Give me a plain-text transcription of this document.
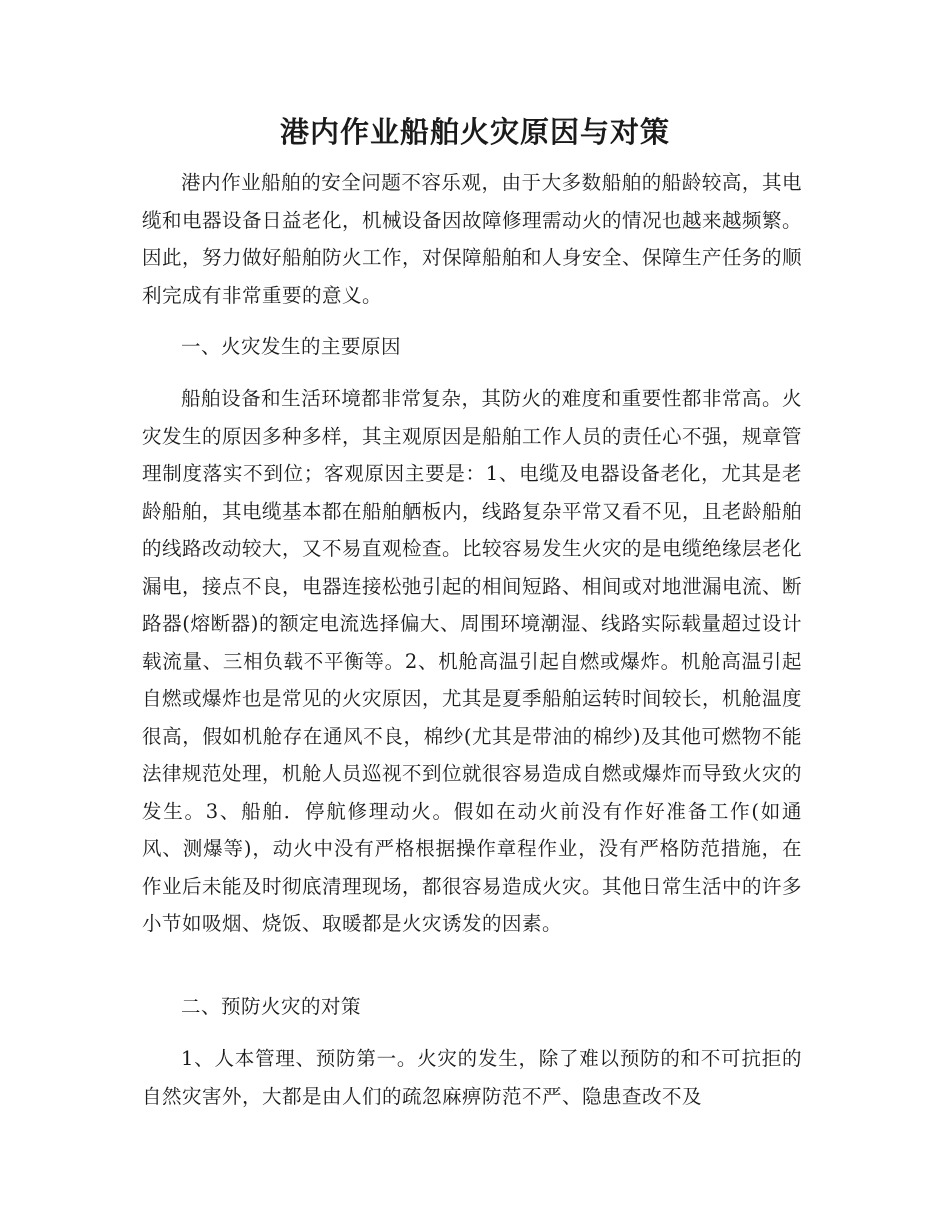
港内作业船舶火灾原因与对策

港内作业船舶的安全问题不容乐观，由于大多数船舶的船龄较高，其电缆和电器设备日益老化，机械设备因故障修理需动火的情况也越来越频繁。因此，努力做好船舶防火工作，对保障船舶和人身安全、保障生产任务的顺利完成有非常重要的意义。

一、火灾发生的主要原因

船舶设备和生活环境都非常复杂，其防火的难度和重要性都非常高。火灾发生的原因多种多样，其主观原因是船舶工作人员的责任心不强，规章管理制度落实不到位；客观原因主要是：1、电缆及电器设备老化，尤其是老龄船舶，其电缆基本都在船舶舾板内，线路复杂平常又看不见，且老龄船舶的线路改动较大，又不易直观检查。比较容易发生火灾的是电缆绝缘层老化漏电，接点不良，电器连接松弛引起的相间短路、相间或对地泄漏电流、断路器(熔断器)的额定电流选择偏大、周围环境潮湿、线路实际载量超过设计载流量、三相负载不平衡等。2、机舱高温引起自燃或爆炸。机舱高温引起自燃或爆炸也是常见的火灾原因，尤其是夏季船舶运转时间较长，机舱温度很高，假如机舱存在通风不良，棉纱(尤其是带油的棉纱)及其他可燃物不能法律规范处理，机舱人员巡视不到位就很容易造成自燃或爆炸而导致火灾的发生。3、船舶．停航修理动火。假如在动火前没有作好准备工作(如通风、测爆等)，动火中没有严格根据操作章程作业，没有严格防范措施，在作业后未能及时彻底清理现场，都很容易造成火灾。其他日常生活中的许多小节如吸烟、烧饭、取暖都是火灾诱发的因素。

二、预防火灾的对策

1、人本管理、预防第一。火灾的发生，除了难以预防的和不可抗拒的自然灾害外，大都是由人们的疏忽麻痹防范不严、隐患查改不及
